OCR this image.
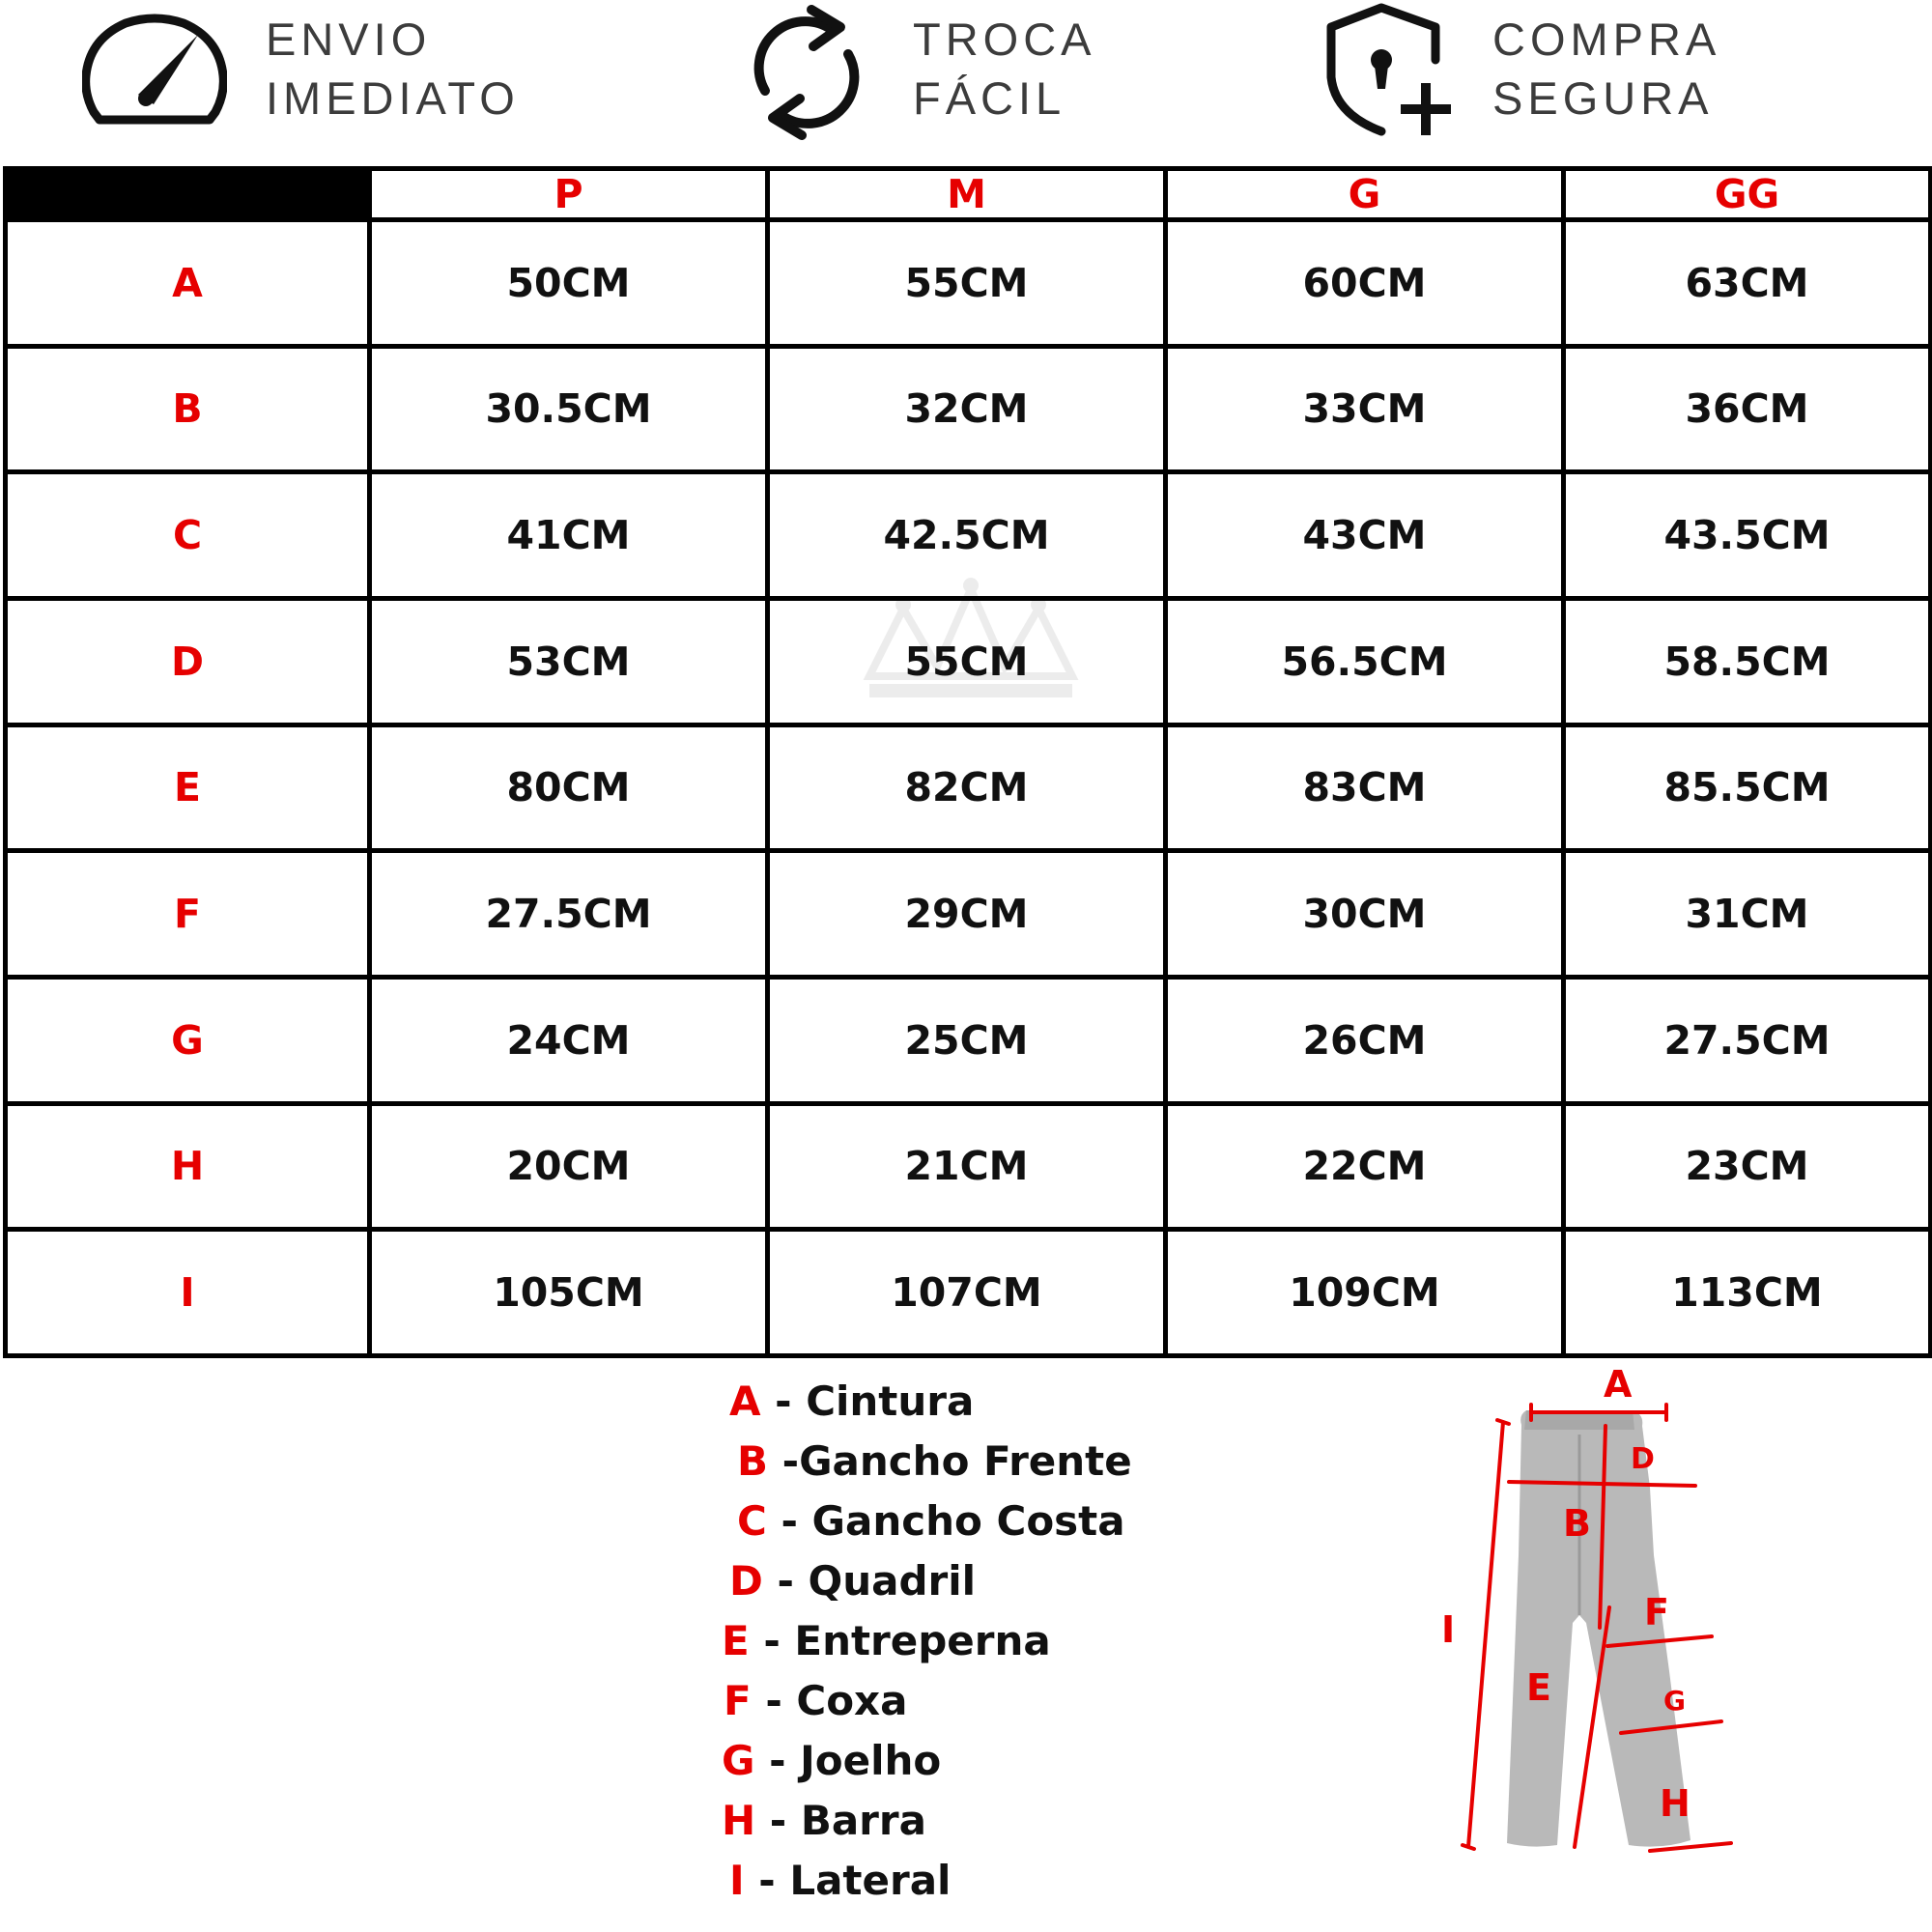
ENVIO
IMEDIATO
TROCA
FÁCIL
COMPRA
SEGURA
	P	M	G	GG
A	50CM	55CM	60CM	63CM
B	30.5CM	32CM	33CM	36CM
C	41CM	42.5CM	43CM	43.5CM
D	53CM	55CM	56.5CM	58.5CM
E	80CM	82CM	83CM	85.5CM
F	27.5CM	29CM	30CM	31CM
G	24CM	25CM	26CM	27.5CM
H	20CM	21CM	22CM	23CM
I	105CM	107CM	109CM	113CM
A - Cintura
B -Gancho Frente
C - Gancho Costa
D - Quadril
E - Entreperna
F - Coxa
G - Joelho
H - Barra
I - Lateral
A
D
B
F
I
E	G
H
